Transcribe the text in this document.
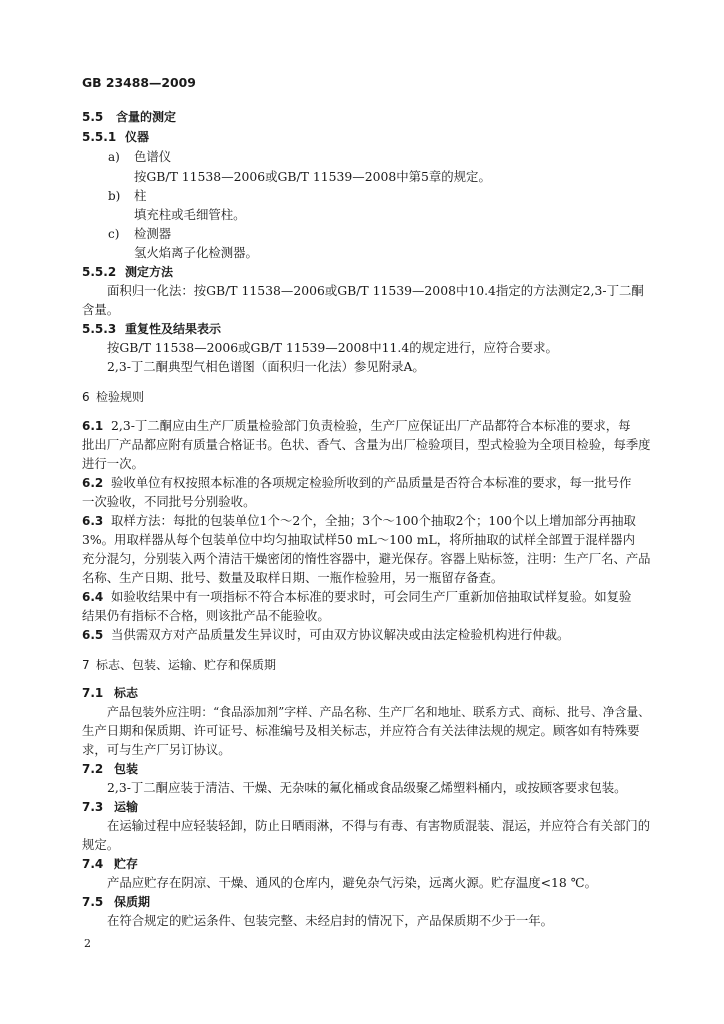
GB 23488—2009
5.5 含量的测定
5.5.1 仪器
a) 色谱仪
按GB/T 11538—2006或GB/T 11539—2008中第5章的规定。
b) 柱
填充柱或毛细管柱。
c) 检测器
氢火焰离子化检测器。
5.5.2 测定方法
面积归一化法：按GB/T 11538—2006或GB/T 11539—2008中10.4指定的方法测定2,3-丁二酮
含量。
5.5.3 重复性及结果表示
按GB/T 11538—2006或GB/T 11539—2008中11.4的规定进行，应符合要求。
2,3-丁二酮典型气相色谱图（面积归一化法）参见附录A。
6 检验规则
6.1 2,3-丁二酮应由生产厂质量检验部门负责检验，生产厂应保证出厂产品都符合本标准的要求，每
批出厂产品都应附有质量合格证书。色状、香气、含量为出厂检验项目，型式检验为全项目检验，每季度
进行一次。
6.2 验收单位有权按照本标准的各项规定检验所收到的产品质量是否符合本标准的要求，每一批号作
一次验收，不同批号分别验收。
6.3 取样方法：每批的包装单位1个～2个，全抽；3个～100个抽取2个；100个以上增加部分再抽取
3%。用取样器从每个包装单位中均匀抽取试样50 mL～100 mL，将所抽取的试样全部置于混样器内
充分混匀，分别装入两个清洁干燥密闭的惰性容器中，避光保存。容器上贴标签，注明：生产厂名、产品
名称、生产日期、批号、数量及取样日期、一瓶作检验用，另一瓶留存备查。
6.4 如验收结果中有一项指标不符合本标准的要求时，可会同生产厂重新加倍抽取试样复验。如复验
结果仍有指标不合格，则该批产品不能验收。
6.5 当供需双方对产品质量发生异议时，可由双方协议解决或由法定检验机构进行仲裁。
7 标志、包装、运输、贮存和保质期
7.1 标志
产品包装外应注明：“食品添加剂”字样、产品名称、生产厂名和地址、联系方式、商标、批号、净含量、
生产日期和保质期、许可证号、标准编号及相关标志，并应符合有关法律法规的规定。顾客如有特殊要
求，可与生产厂另订协议。
7.2 包装
2,3-丁二酮应装于清洁、干燥、无杂味的氟化桶或食品级聚乙烯塑料桶内，或按顾客要求包装。
7.3 运输
在运输过程中应轻装轻卸，防止日晒雨淋，不得与有毒、有害物质混装、混运，并应符合有关部门的
规定。
7.4 贮存
产品应贮存在阴凉、干燥、通风的仓库内，避免杂气污染，远离火源。贮存温度<18 ℃。
7.5 保质期
在符合规定的贮运条件、包装完整、未经启封的情况下，产品保质期不少于一年。
2
